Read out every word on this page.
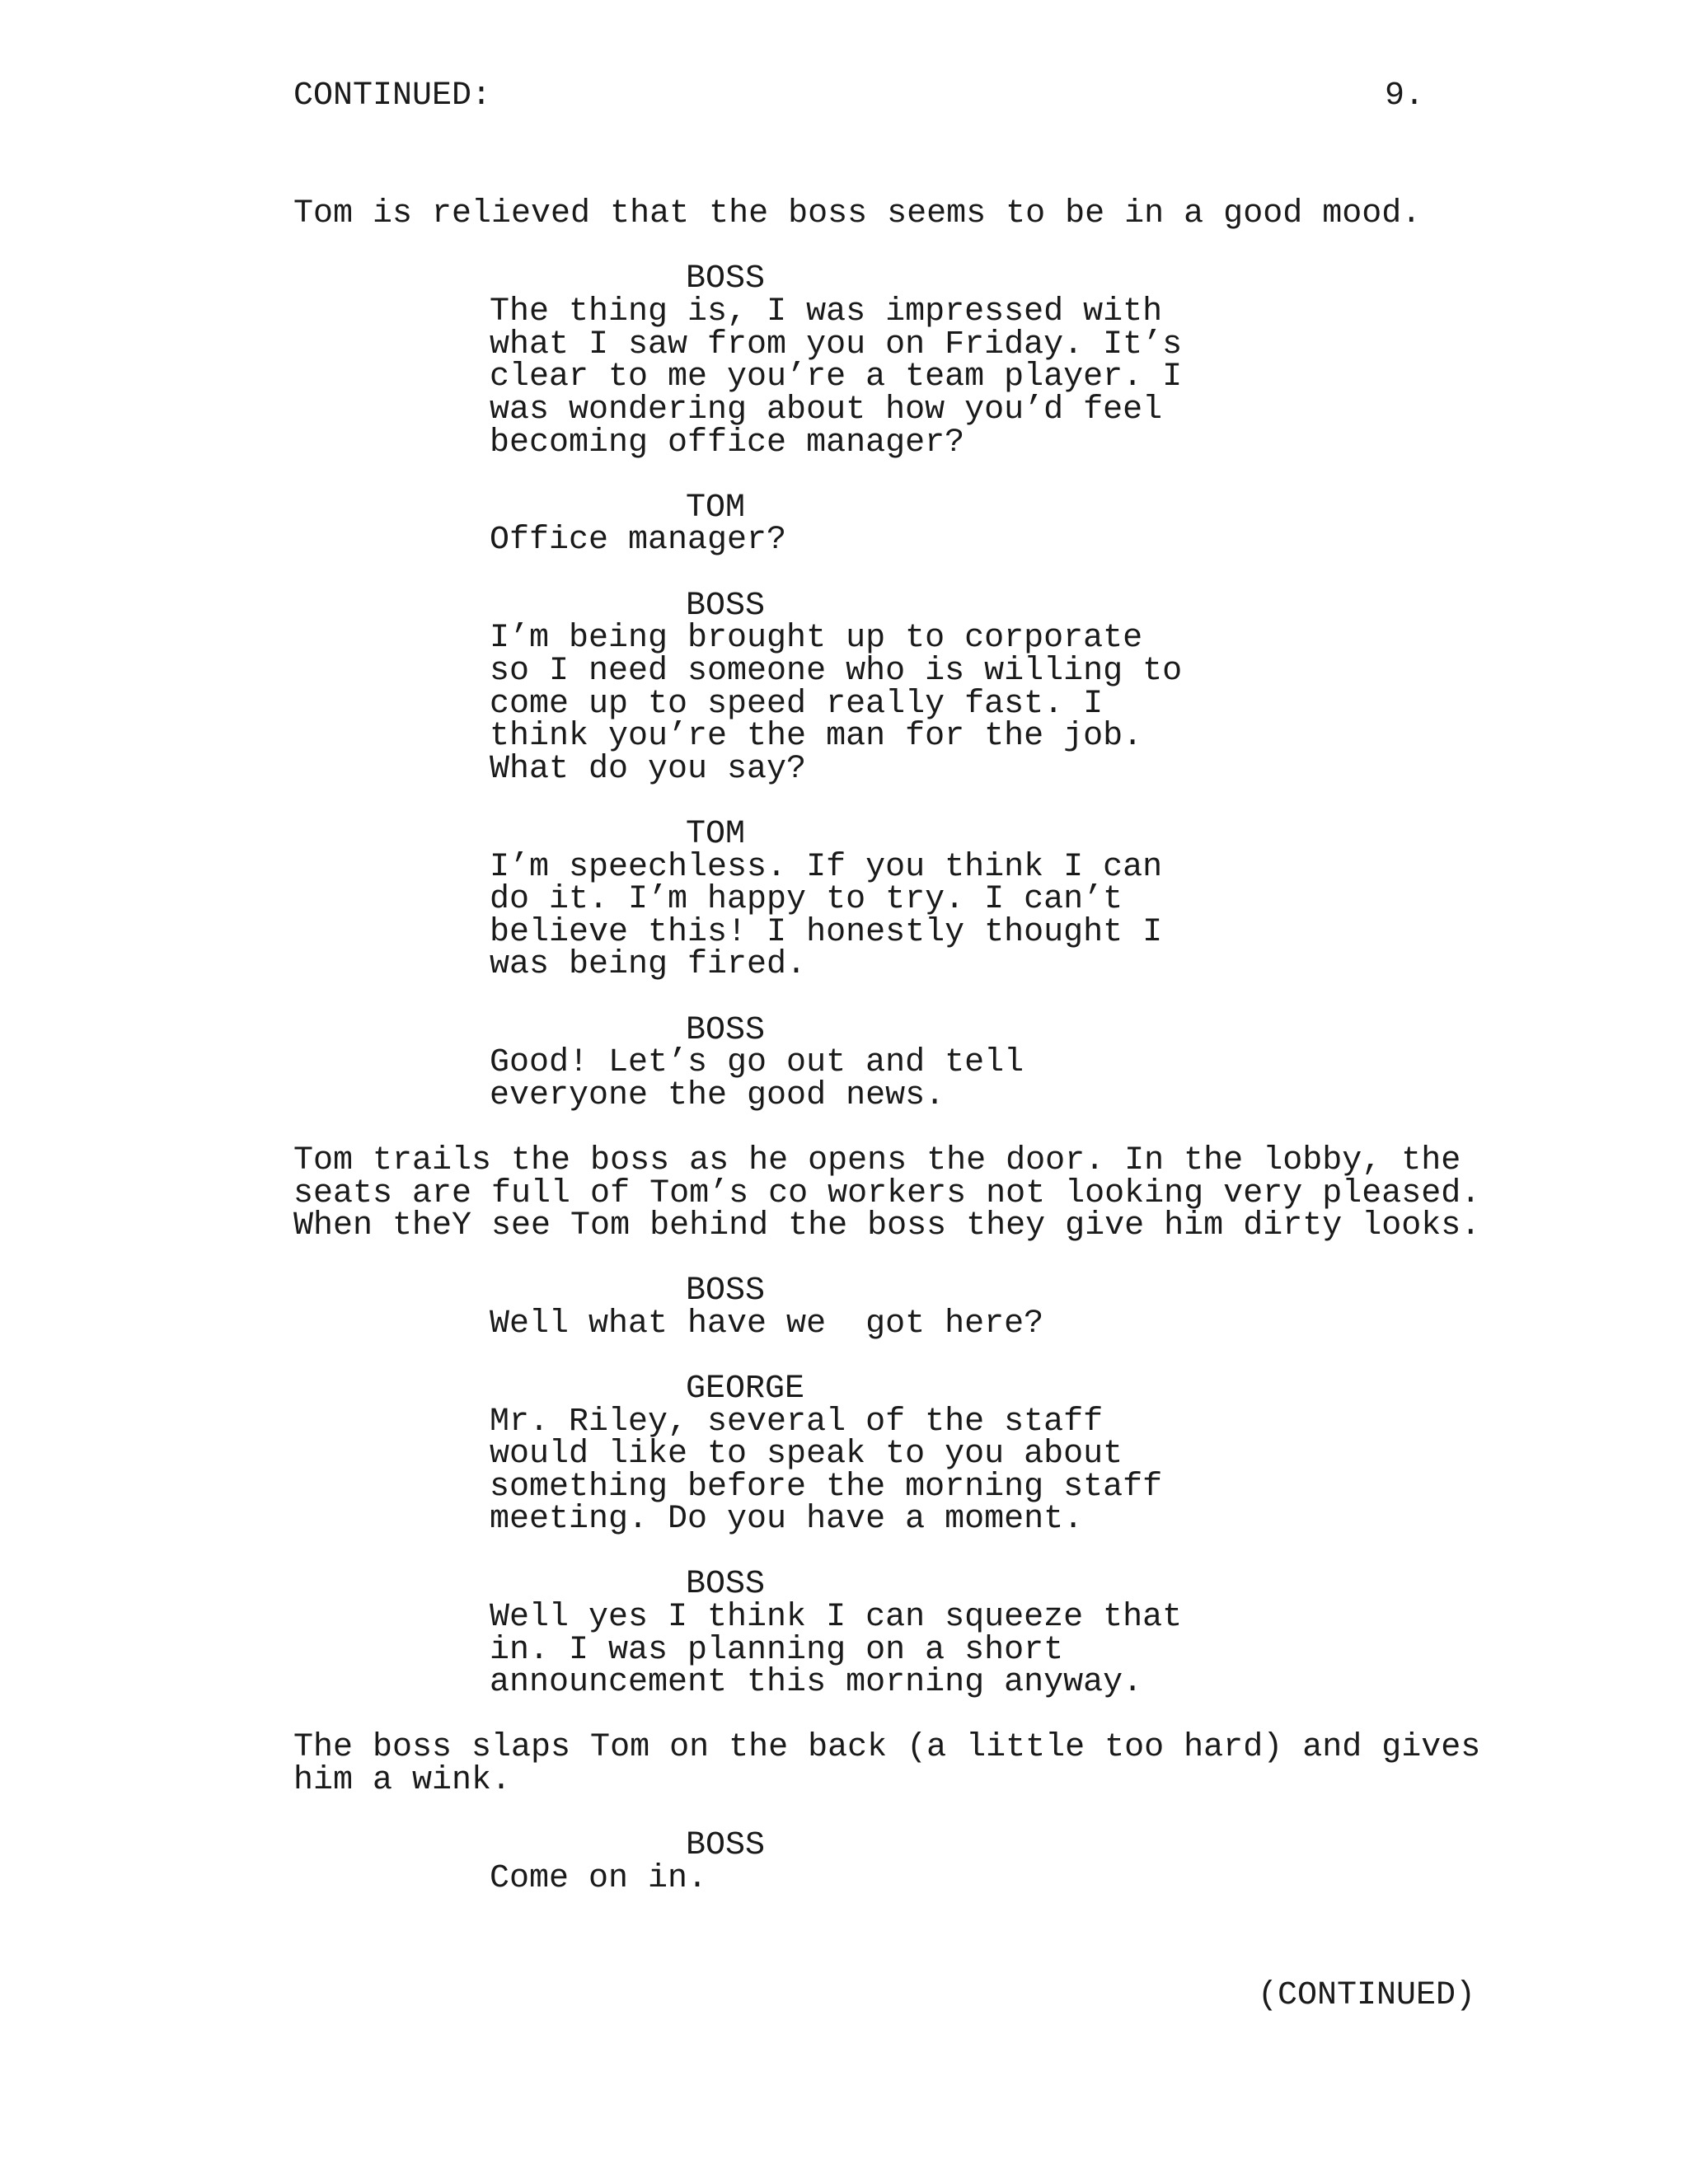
CONTINUED:	9.
Tom is relieved that the boss seems to be in a good mood.
BOSS
The thing is, I was impressed with
what I saw from you on Friday. It’s
clear to me you’re a team player. I
was wondering about how you’d feel
becoming office manager?
TOM
Office manager?
BOSS
I’m being brought up to corporate
so I need someone who is willing to
come up to speed really fast. I
think you’re the man for the job.
What do you say?
TOM
I’m speechless. If you think I can
do it. I’m happy to try. I can’t
believe this! I honestly thought I
was being fired.
BOSS
Good! Let’s go out and tell
everyone the good news.
Tom trails the boss as he opens the door. In the lobby, the
seats are full of Tom’s co workers not looking very pleased.
When theY see Tom behind the boss they give him dirty looks.
BOSS
Well what have we  got here?
GEORGE
Mr. Riley, several of the staff
would like to speak to you about
something before the morning staff
meeting. Do you have a moment.
BOSS
Well yes I think I can squeeze that
in. I was planning on a short
announcement this morning anyway.
The boss slaps Tom on the back (a little too hard) and gives
him a wink.
BOSS
Come on in.
(CONTINUED)
